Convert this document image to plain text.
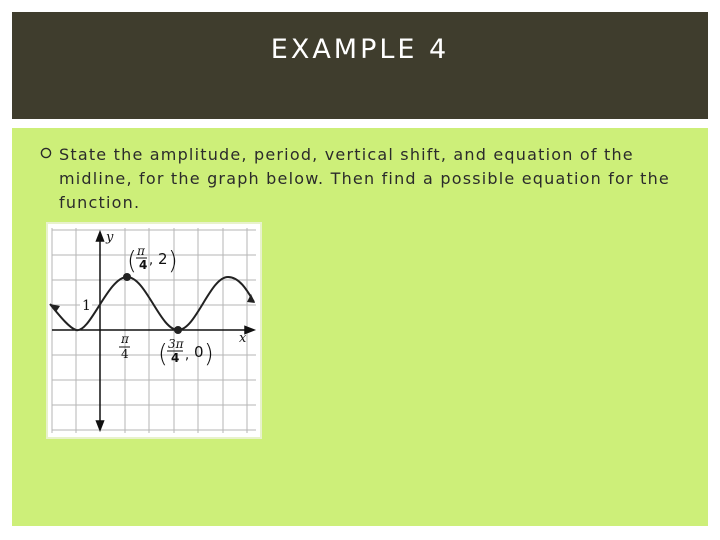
EXAMPLE 4
State the amplitude, period, vertical shift, and equation of the midline, for the graph below. Then find a possible equation for the function.
y
x
1
π
4
( π
4 , 2 )
( 3π
4 , 0 )
